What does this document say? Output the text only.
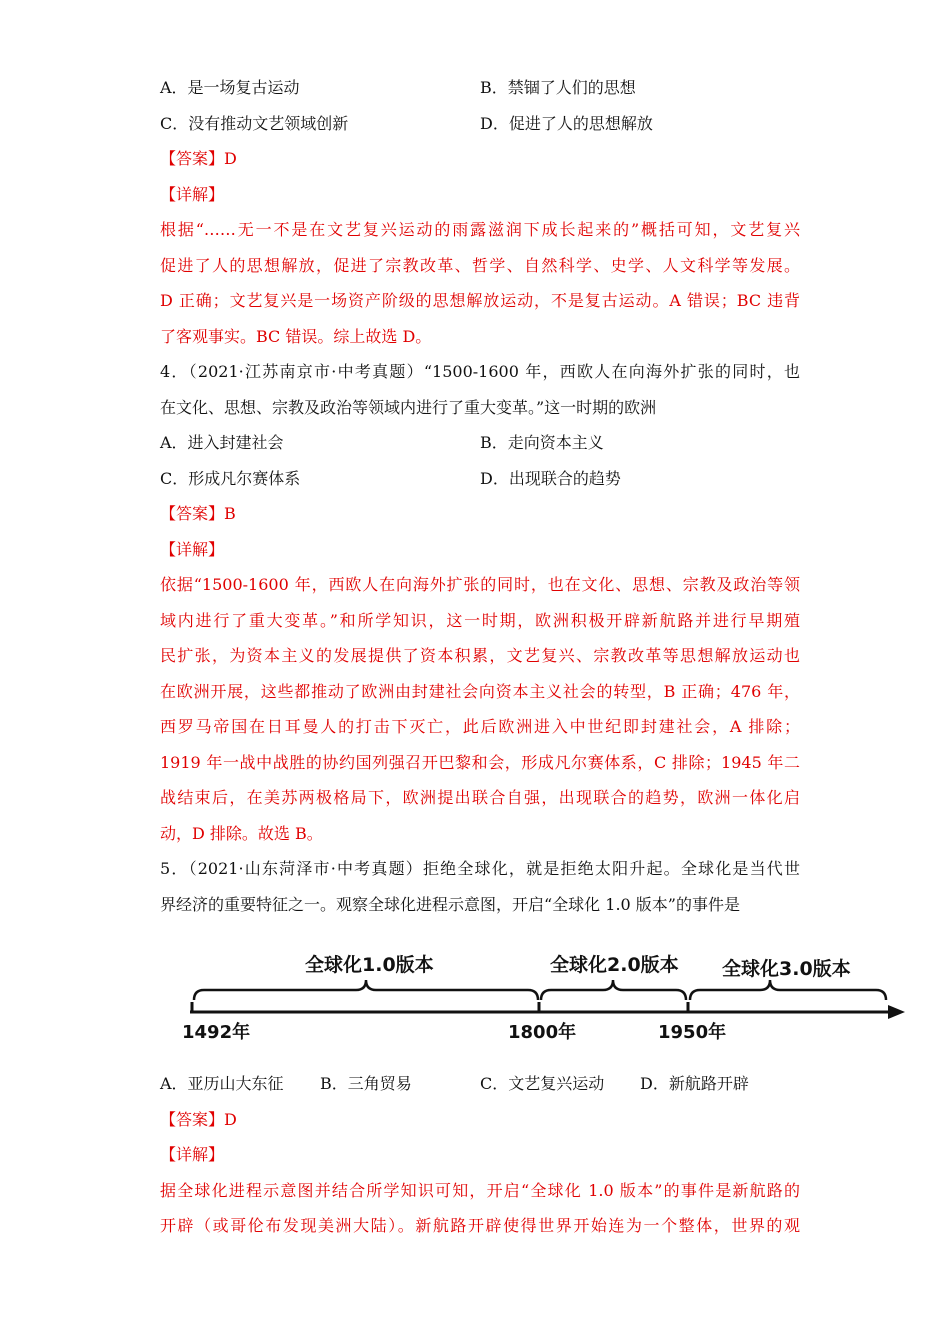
A．是一场复古运动	B．禁锢了人们的思想
C．没有推动文艺领域创新	D．促进了人的思想解放
【答案】D
【详解】
根据“……无一不是在文艺复兴运动的雨露滋润下成长起来的”概括可知，文艺复兴
促进了人的思想解放，促进了宗教改革、哲学、自然科学、史学、人文科学等发展。
D 正确；文艺复兴是一场资产阶级的思想解放运动，不是复古运动。A 错误；BC 违背
了客观事实。BC 错误。综上故选 D。
4．（2021·江苏南京市·中考真题）“1500-1600 年，西欧人在向海外扩张的同时，也
在文化、思想、宗教及政治等领域内进行了重大变革。”这一时期的欧洲
A．进入封建社会	B．走向资本主义
C．形成凡尔赛体系	D．出现联合的趋势
【答案】B
【详解】
依据“1500-1600 年，西欧人在向海外扩张的同时，也在文化、思想、宗教及政治等领
域内进行了重大变革。”和所学知识，这一时期，欧洲积极开辟新航路并进行早期殖
民扩张，为资本主义的发展提供了资本积累，文艺复兴、宗教改革等思想解放运动也
在欧洲开展，这些都推动了欧洲由封建社会向资本主义社会的转型，B 正确；476 年，
西罗马帝国在日耳曼人的打击下灭亡，此后欧洲进入中世纪即封建社会，A 排除；
1919 年一战中战胜的协约国列强召开巴黎和会，形成凡尔赛体系，C 排除；1945 年二
战结束后，在美苏两极格局下，欧洲提出联合自强，出现联合的趋势，欧洲一体化启
动，D 排除。故选 B。
5．（2021·山东菏泽市·中考真题）拒绝全球化，就是拒绝太阳升起。全球化是当代世
界经济的重要特征之一。观察全球化进程示意图，开启“全球化 1.0 版本”的事件是
全球化1.0版本	全球化2.0版本 全球化3.0版本
1492年	1800年	1950年
A．亚历山大东征	B．三角贸易	C．文艺复兴运动	D．新航路开辟
【答案】D
【详解】
据全球化进程示意图并结合所学知识可知，开启“全球化 1.0 版本”的事件是新航路的
开辟（或哥伦布发现美洲大陆）。新航路开辟使得世界开始连为一个整体，世界的观
